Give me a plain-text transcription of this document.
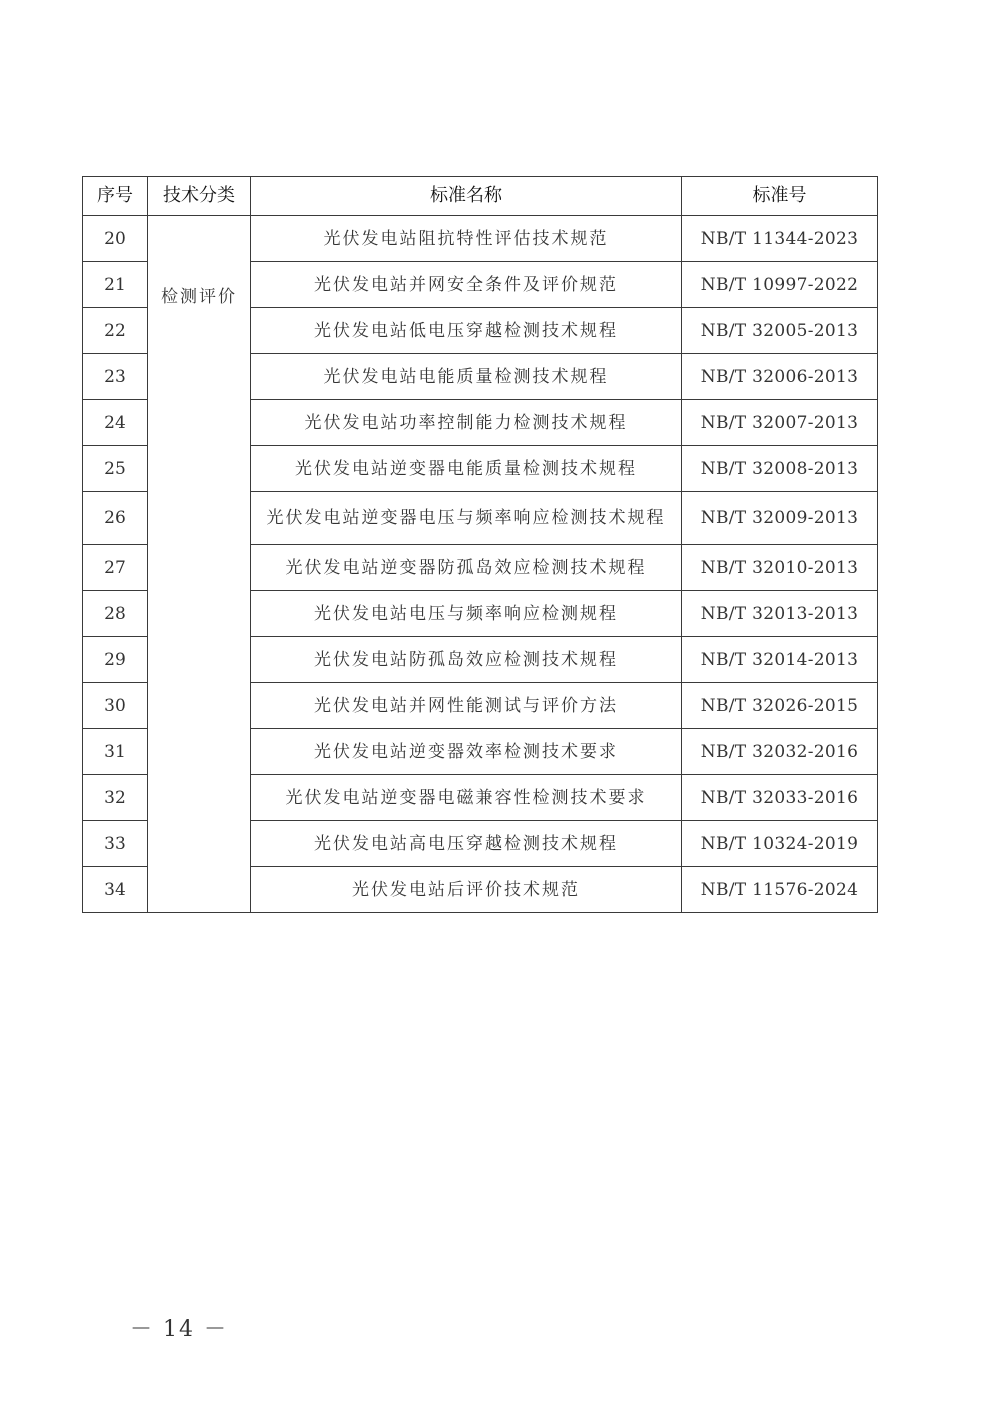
序号	技术分类	标准名称	标准号
20	检测评价	光伏发电站阻抗特性评估技术规范	NB/T 11344-2023
21		光伏发电站并网安全条件及评价规范	NB/T 10997-2022
22		光伏发电站低电压穿越检测技术规程	NB/T 32005-2013
23		光伏发电站电能质量检测技术规程	NB/T 32006-2013
24		光伏发电站功率控制能力检测技术规程	NB/T 32007-2013
25		光伏发电站逆变器电能质量检测技术规程	NB/T 32008-2013
26		光伏发电站逆变器电压与频率响应检测技术规程	NB/T 32009-2013
27		光伏发电站逆变器防孤岛效应检测技术规程	NB/T 32010-2013
28		光伏发电站电压与频率响应检测规程	NB/T 32013-2013
29		光伏发电站防孤岛效应检测技术规程	NB/T 32014-2013
30		光伏发电站并网性能测试与评价方法	NB/T 32026-2015
31		光伏发电站逆变器效率检测技术要求	NB/T 32032-2016
32		光伏发电站逆变器电磁兼容性检测技术要求	NB/T 32033-2016
33		光伏发电站高电压穿越检测技术规程	NB/T 10324-2019
34		光伏发电站后评价技术规范	NB/T 11576-2024
－ 14 －
